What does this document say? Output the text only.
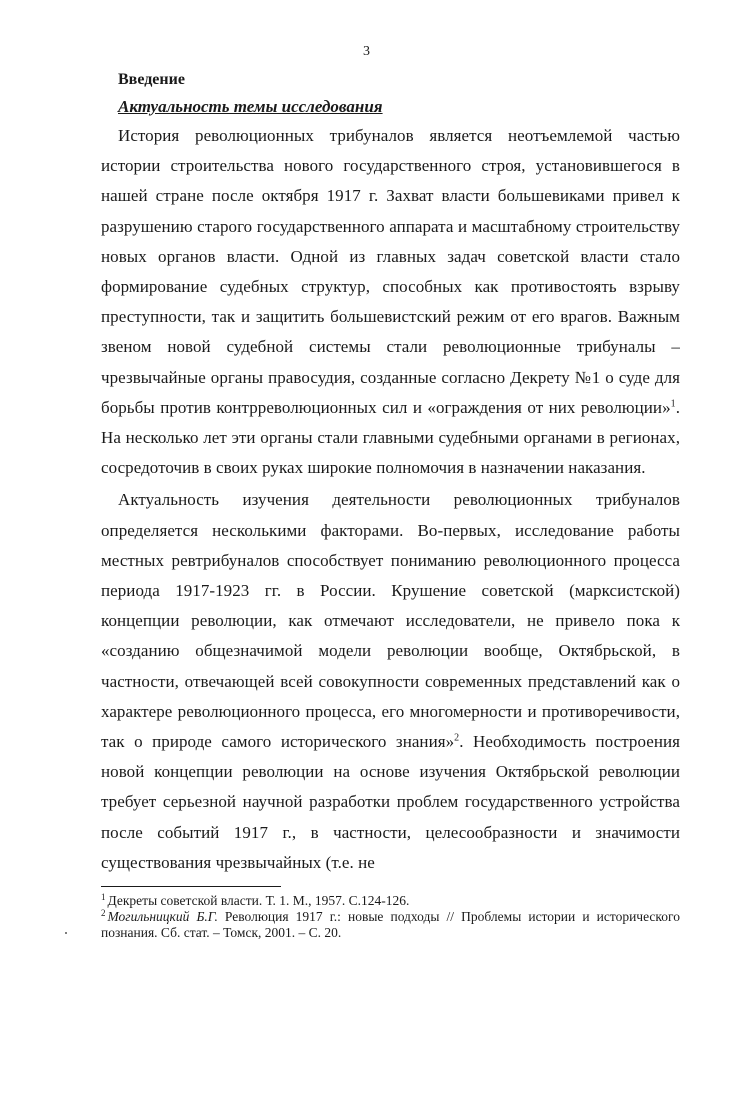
3
Введение
Актуальность темы исследования

История революционных трибуналов является неотъемлемой частью истории строительства нового государственного строя, установившегося в нашей стране после октября 1917 г. Захват власти большевиками привел к разрушению старого государственного аппарата и масштабному строительству новых органов власти. Одной из главных задач советской власти стало формирование судебных структур, способных как противостоять взрыву преступности, так и защитить большевистский режим от его врагов. Важным звеном новой судебной системы стали революционные трибуналы – чрезвычайные органы правосудия, созданные согласно Декрету №1 о суде для борьбы против контрреволюционных сил и «ограждения от них революции»$^1$. На несколько лет эти органы стали главными судебными органами в регионах, сосредоточив в своих руках широкие полномочия в назначении наказания.

Актуальность изучения деятельности революционных трибуналов определяется несколькими факторами. Во-первых, исследование работы местных ревтрибуналов способствует пониманию революционного процесса периода 1917-1923 гг. в России. Крушение советской (марксистской) концепции революции, как отмечают исследователи, не привело пока к «созданию общезначимой модели революции вообще, Октябрьской, в частности, отвечающей всей совокупности современных представлений как о характере революционного процесса, его многомерности и противоречивости, так о природе самого исторического знания»$^2$. Необходимость построения новой концепции революции на основе изучения Октябрьской революции требует серьезной научной разработки проблем государственного устройства после событий 1917 г., в частности, целесообразности и значимости существования чрезвычайных (т.е. не

$^1$ Декреты советской власти. Т. 1. М., 1957. С.124-126.

$^2$ Могильницкий Б.Г. Революция 1917 г.: новые подходы // Проблемы истории и исторического познания. Сб. стат. – Томск, 2001. – С. 20.
